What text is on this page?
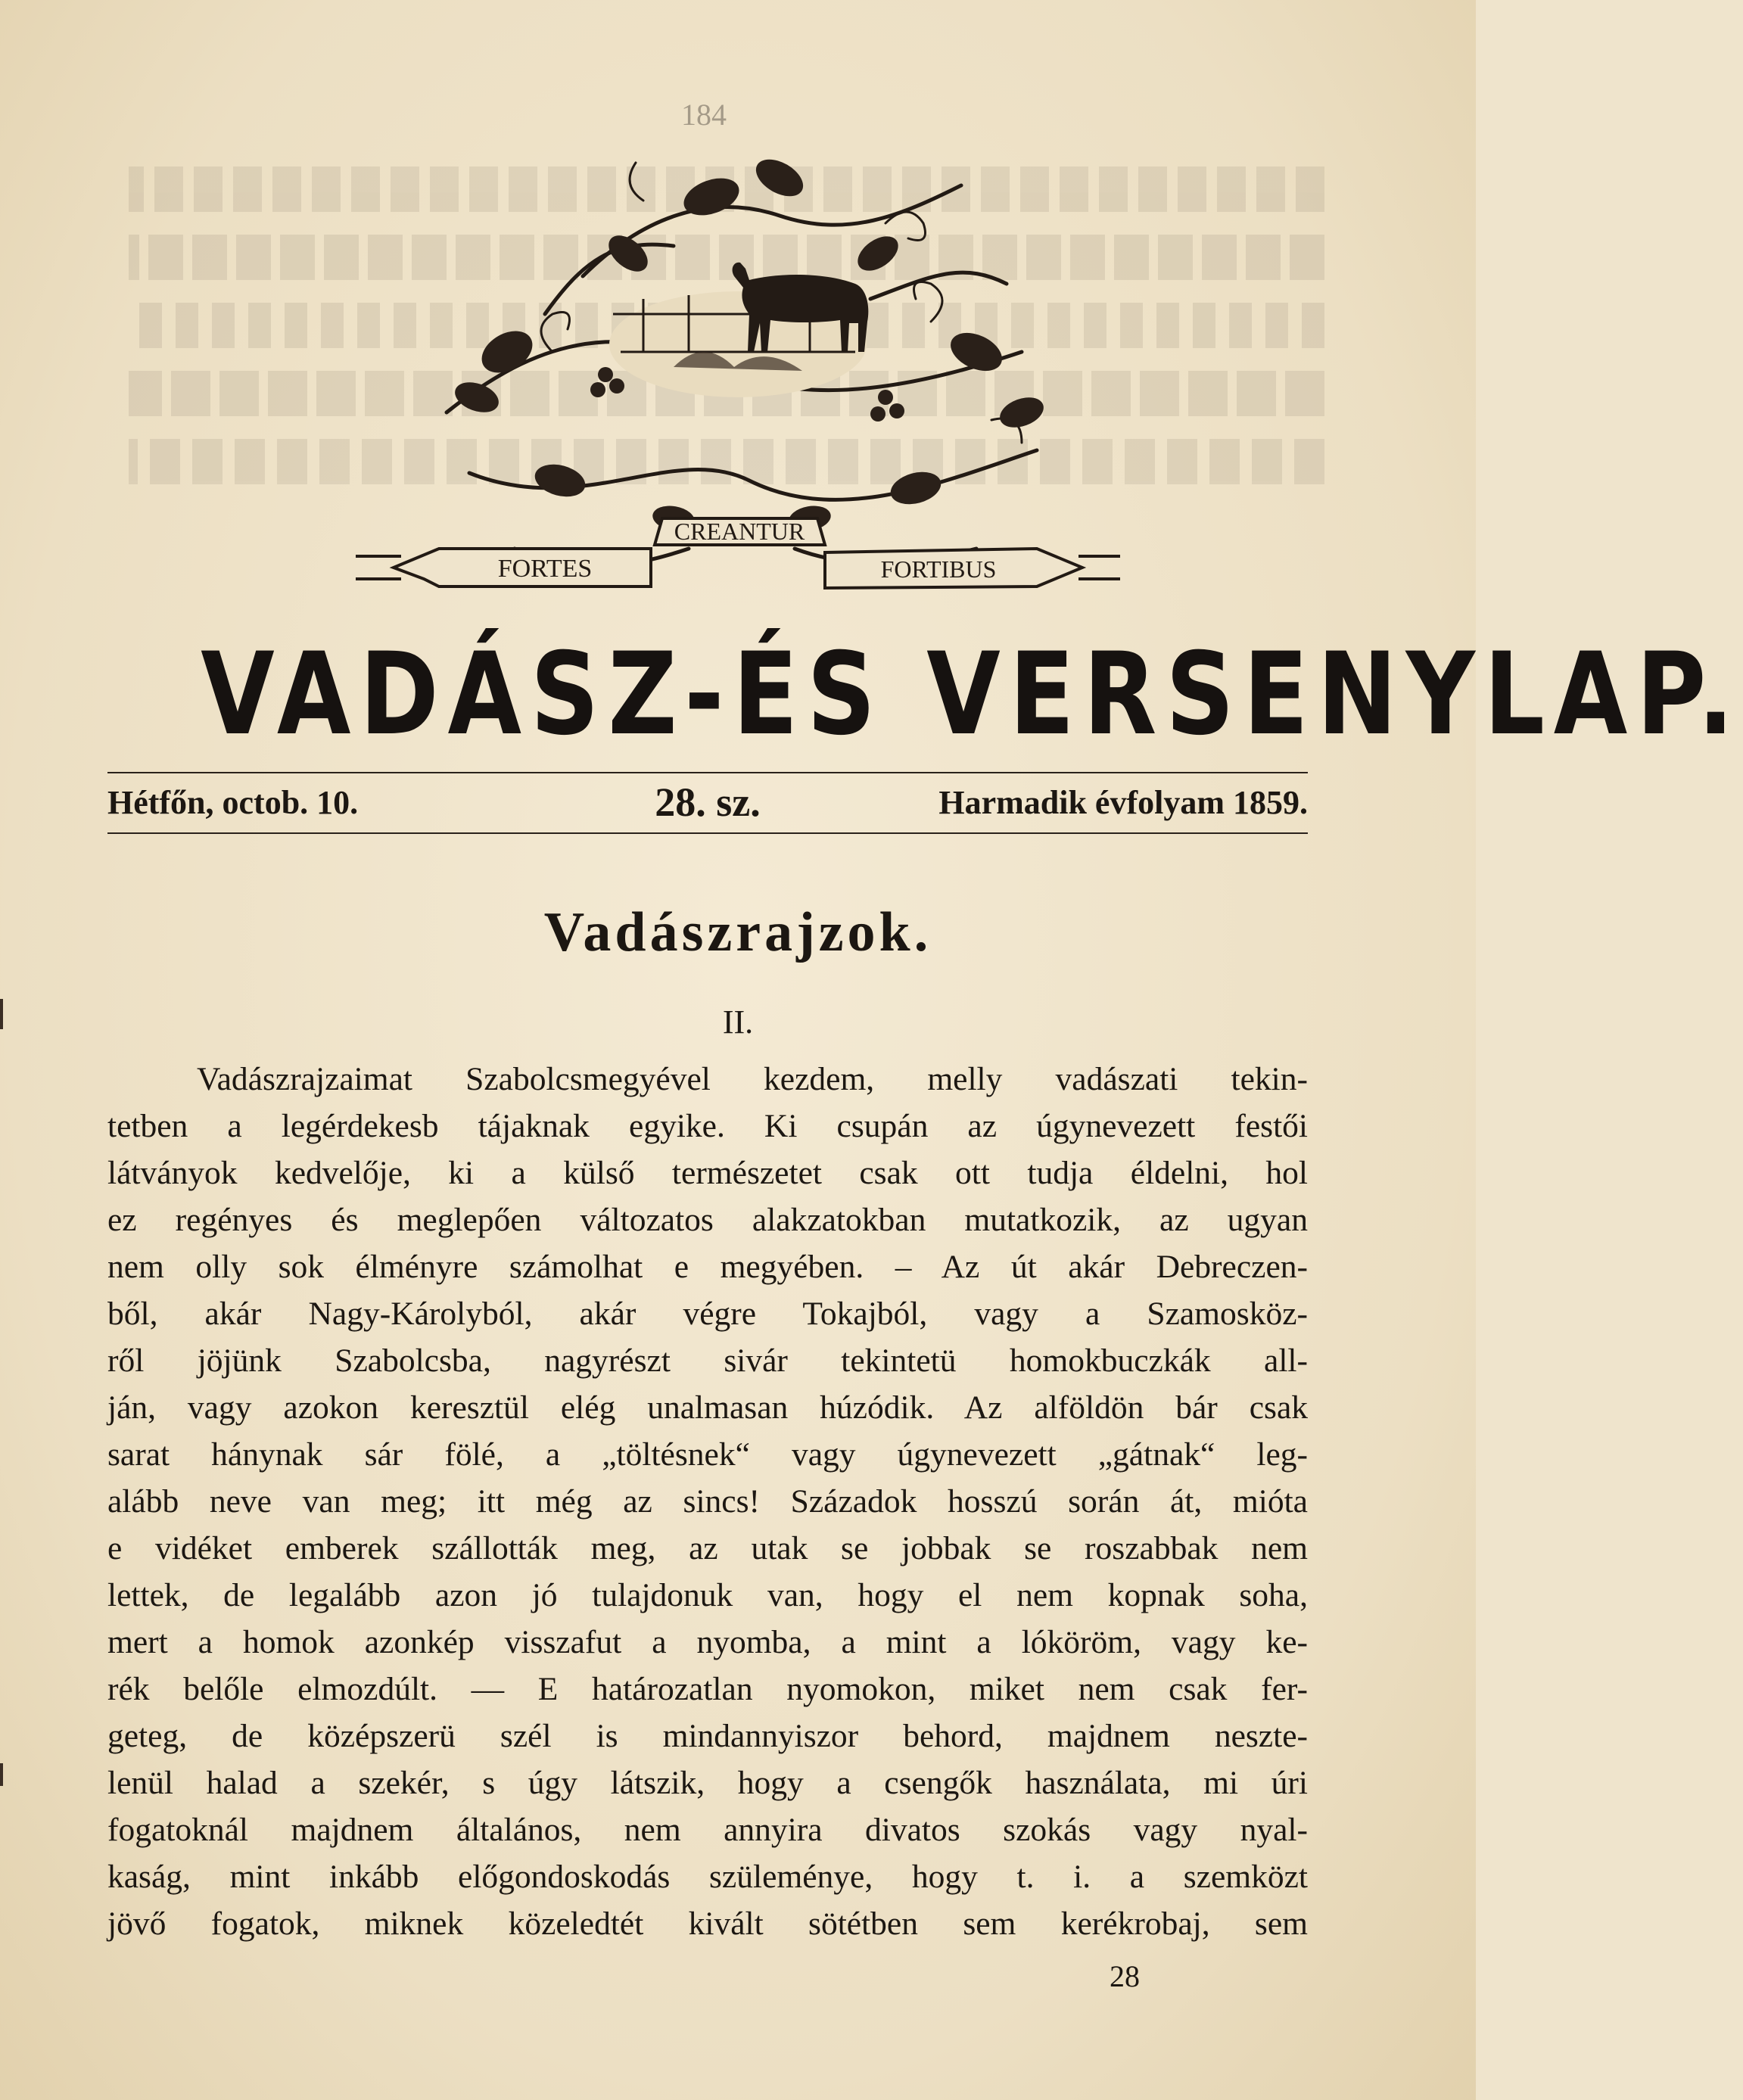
184
FORTES
CREANTUR
FORTIBUS
VADÁSZ-ÉS VERSENYLAP.
Hétfőn, octob. 10.	28. sz.	Harmadik évfolyam 1859.
Vadászrajzok.
II.
Vadászrajzaimat Szabolcsmegyével kezdem, melly vadászati tekin-
tetben a legérdekesb tájaknak egyike. Ki csupán az úgynevezett festői
látványok kedvelője, ki a külső természetet csak ott tudja éldelni, hol
ez regényes és meglepően változatos alakzatokban mutatkozik, az ugyan
nem olly sok élményre számolhat e megyében. – Az út akár Debreczen-
ből, akár Nagy-Károlyból, akár végre Tokajból, vagy a Szamosköz-
ről jöjünk Szabolcsba, nagyrészt sivár tekintetü homokbuczkák all-
ján, vagy azokon keresztül elég unalmasan húzódik. Az alföldön bár csak
sarat hánynak sár fölé, a „töltésnek“ vagy úgynevezett „gátnak“ leg-
alább neve van meg; itt még az sincs! Századok hosszú során át, mióta
e vidéket emberek szállották meg, az utak se jobbak se roszabbak nem
lettek, de legalább azon jó tulajdonuk van, hogy el nem kopnak soha,
mert a homok azonkép visszafut a nyomba, a mint a lóköröm, vagy ke-
rék belőle elmozdúlt. — E határozatlan nyomokon, miket nem csak fer-
geteg, de középszerü szél is mindannyiszor behord, majdnem neszte-
lenül halad a szekér, s úgy látszik, hogy a csengők használata, mi úri
fogatoknál majdnem általános, nem annyira divatos szokás vagy nyal-
kaság, mint inkább előgondoskodás szüleménye, hogy t. i. a szemközt
jövő fogatok, miknek közeledtét kivált sötétben sem kerékrobaj, sem
28
